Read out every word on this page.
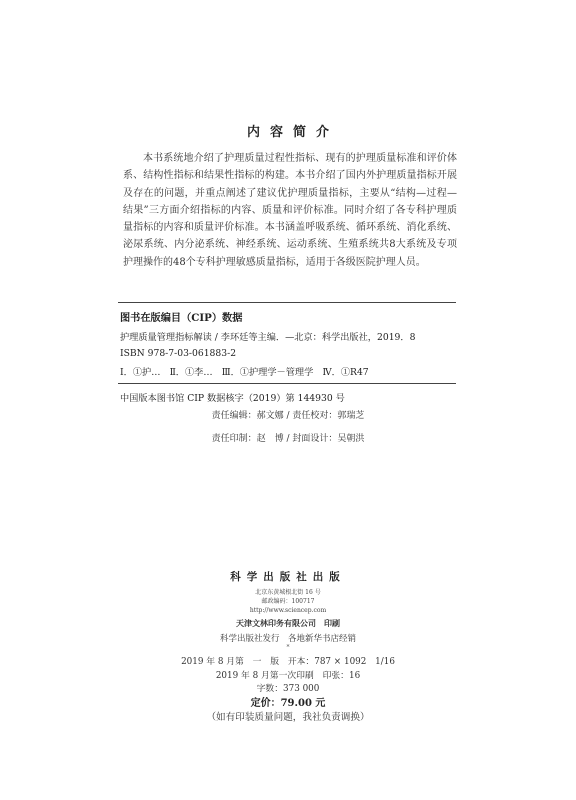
内容简介

本书系统地介绍了护理质量过程性指标、现有的护理质量标准和评价体系、结构性指标和结果性指标的构建。本书介绍了国内外护理质量指标开展及存在的问题，并重点阐述了建议优护理质量指标，主要从“结构—过程—结果”三方面介绍指标的内容、质量和评价标准。同时介绍了各专科护理质量指标的内容和质量评价标准。本书涵盖呼吸系统、循环系统、消化系统、泌尿系统、内分泌系统、神经系统、运动系统、生殖系统共8大系统及专项护理操作的48个专科护理敏感质量指标，适用于各级医院护理人员。

图书在版编目（CIP）数据
护理质量管理指标解读 / 李环廷等主编．—北京：科学出版社，2019．8
ISBN 978-7-03-061883-2
Ⅰ．①护…　Ⅱ．①李…　Ⅲ．①护理学－管理学　Ⅳ．①R47
中国版本图书馆 CIP 数据核字（2019）第 144930 号
责任编辑：郝文娜 / 责任校对：郭瑞芝
责任印制：赵　博 / 封面设计：吴朝洪
科学出版社出版
北京东黄城根北街 16 号
邮政编码：100717
http://www.sciencep.com
天津文林印务有限公司　印刷
科学出版社发行　各地新华书店经销
*
2019 年 8 月第　一　版　开本：787 × 1092　1/16
2019 年 8 月第一次印刷　印张：16
字数：373 000
定价：79.00 元
（如有印装质量问题，我社负责调换）
